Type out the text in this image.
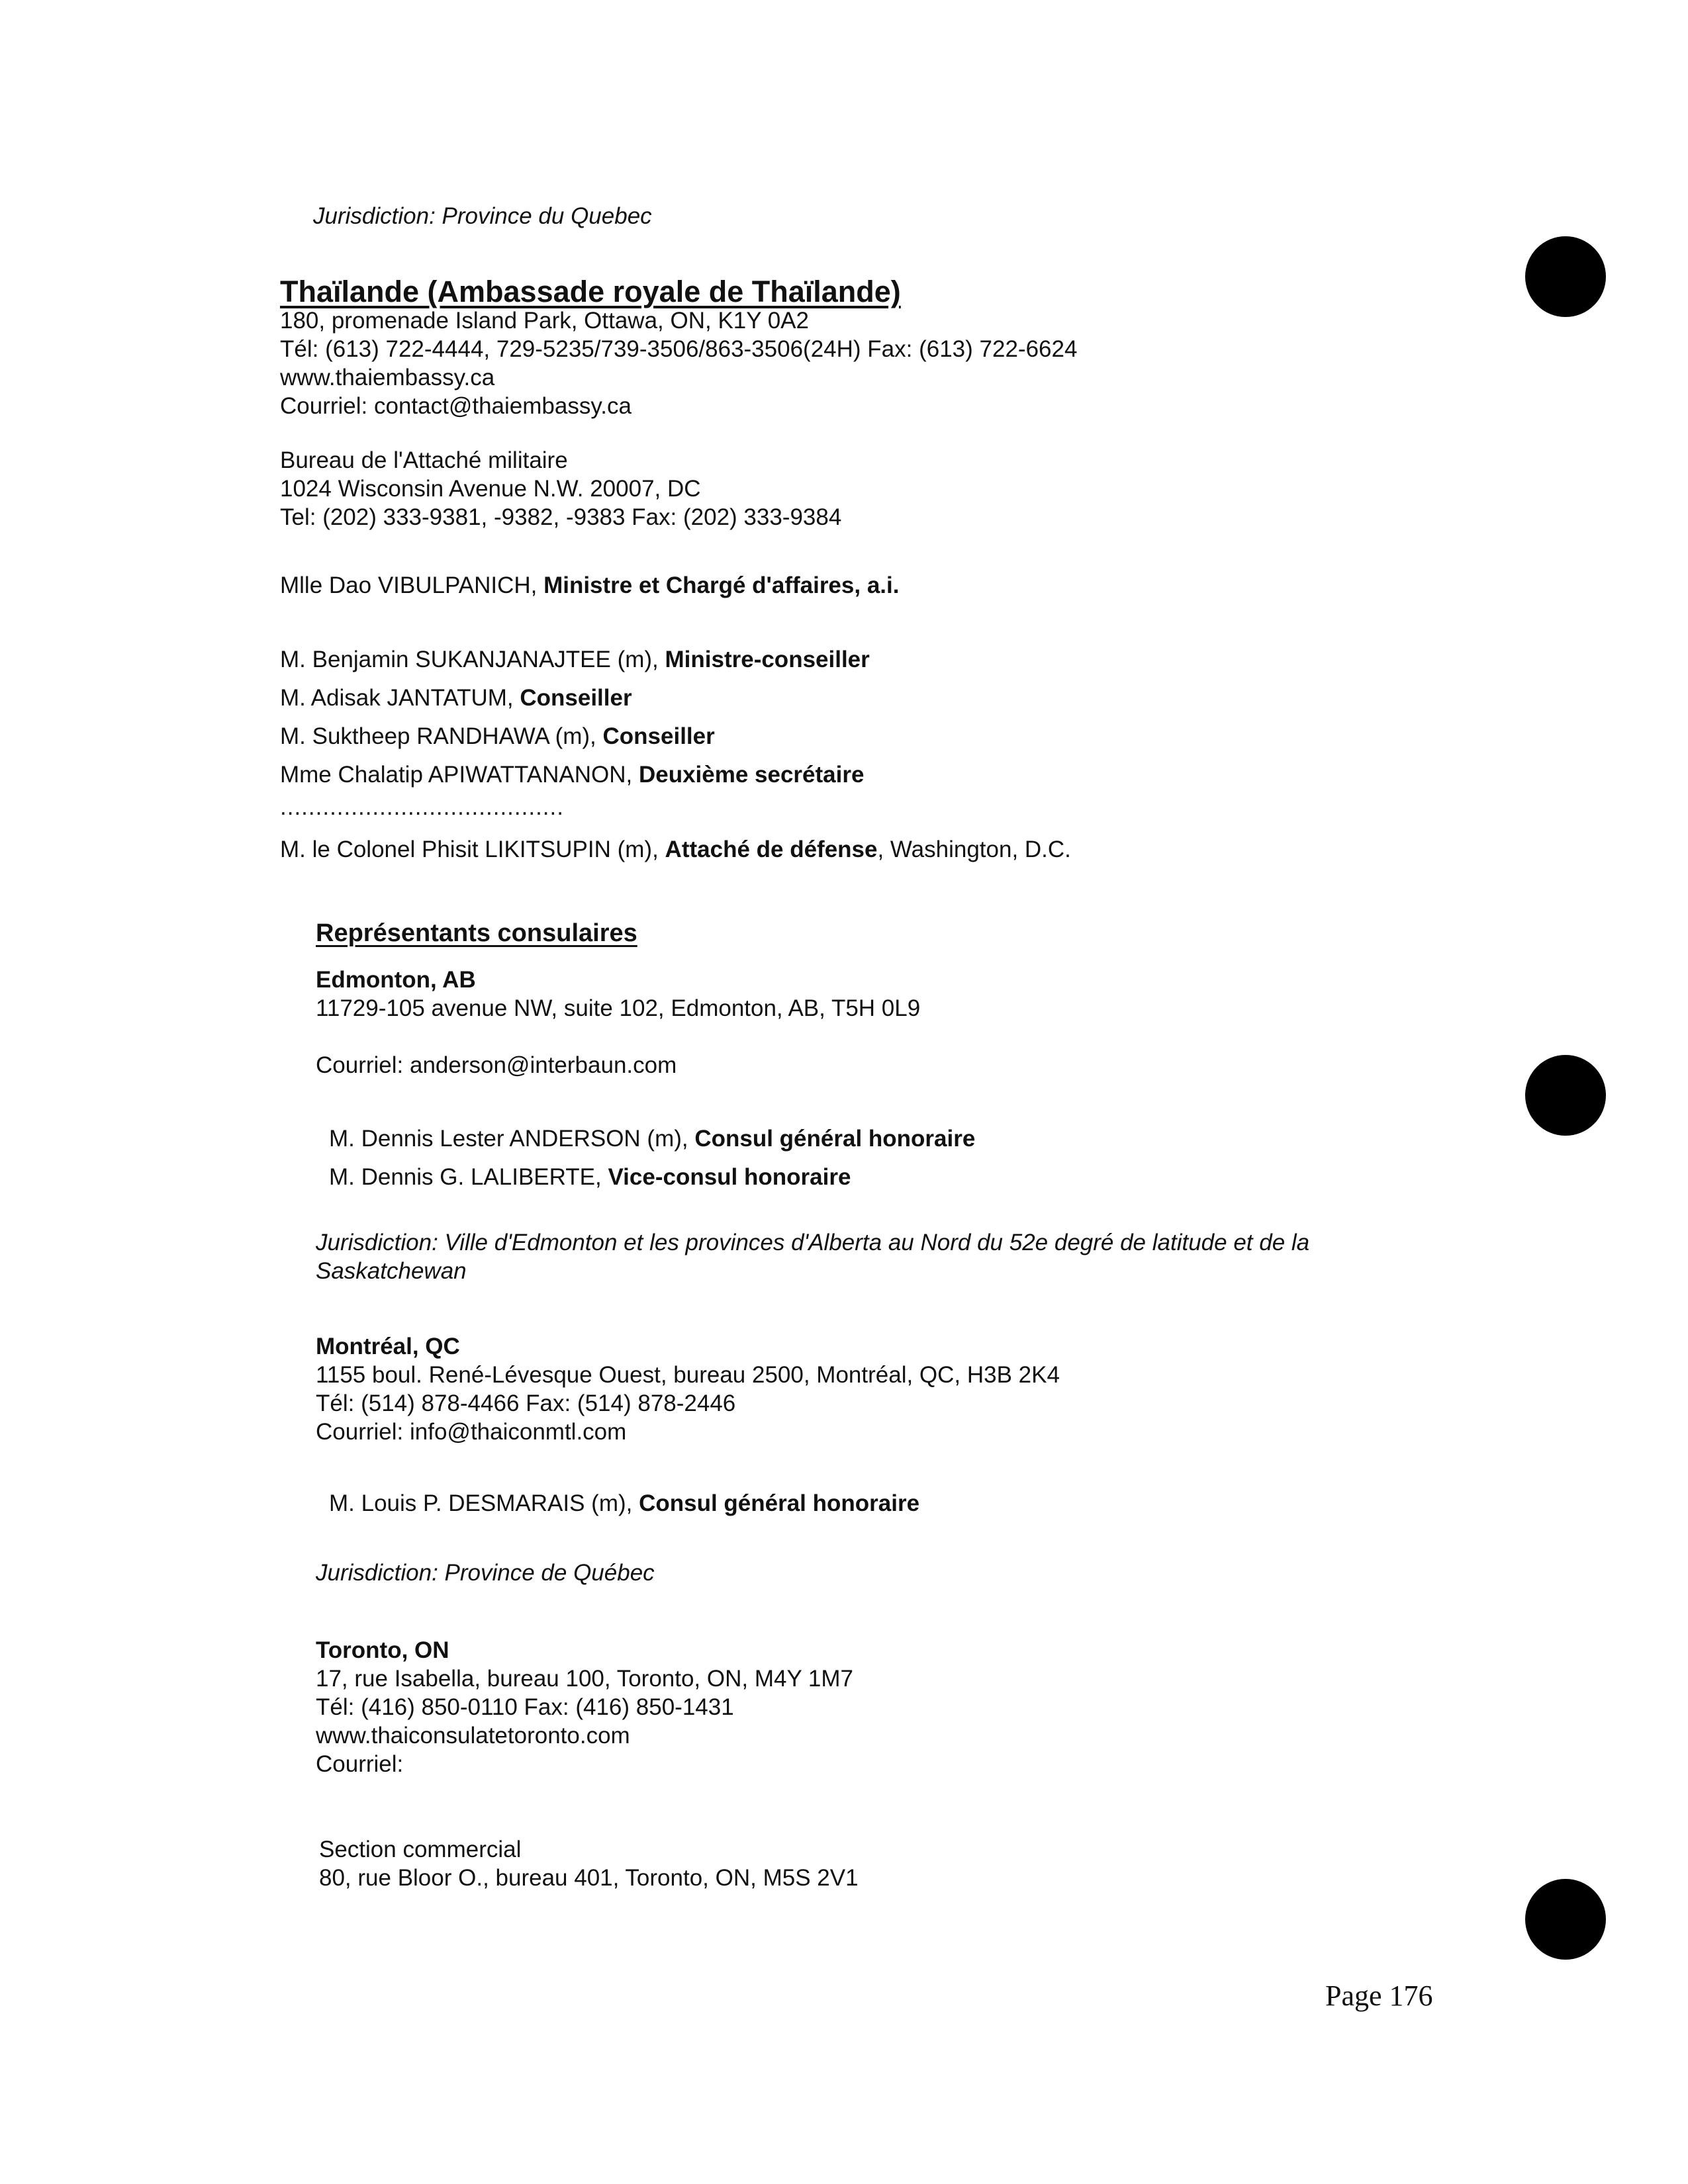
Jurisdiction: Province du Quebec
Thaïlande (Ambassade royale de Thaïlande)
180, promenade Island Park, Ottawa, ON, K1Y 0A2
Tél: (613) 722-4444, 729-5235/739-3506/863-3506(24H) Fax: (613) 722-6624
www.thaiembassy.ca
Courriel: contact@thaiembassy.ca
Bureau de l'Attaché militaire
1024 Wisconsin Avenue N.W. 20007, DC
Tel: (202) 333-9381, -9382, -9383 Fax: (202) 333-9384
Mlle Dao VIBULPANICH, Ministre et Chargé d'affaires, a.i.
M. Benjamin SUKANJANAJTEE (m), Ministre-conseiller
M. Adisak JANTATUM, Conseiller
M. Suktheep RANDHAWA (m), Conseiller
Mme Chalatip APIWATTANANON, Deuxième secrétaire
........................................
M. le Colonel Phisit LIKITSUPIN (m), Attaché de défense, Washington, D.C.
Représentants consulaires
Edmonton, AB
11729-105 avenue NW, suite 102, Edmonton, AB, T5H 0L9
Courriel: anderson@interbaun.com
M. Dennis Lester ANDERSON (m), Consul général honoraire
M. Dennis G. LALIBERTE, Vice-consul honoraire
Jurisdiction: Ville d'Edmonton et les provinces d'Alberta au Nord du 52e degré de latitude et de la
Saskatchewan
Montréal, QC
1155 boul. René-Lévesque Ouest, bureau 2500, Montréal, QC, H3B 2K4
Tél: (514) 878-4466 Fax: (514) 878-2446
Courriel: info@thaiconmtl.com
M. Louis P. DESMARAIS (m), Consul général honoraire
Jurisdiction: Province de Québec
Toronto, ON
17, rue Isabella, bureau 100, Toronto, ON, M4Y 1M7
Tél: (416) 850-0110 Fax: (416) 850-1431
www.thaiconsulatetoronto.com
Courriel:
Section commercial
80, rue Bloor O., bureau 401, Toronto, ON, M5S 2V1
Page 176
